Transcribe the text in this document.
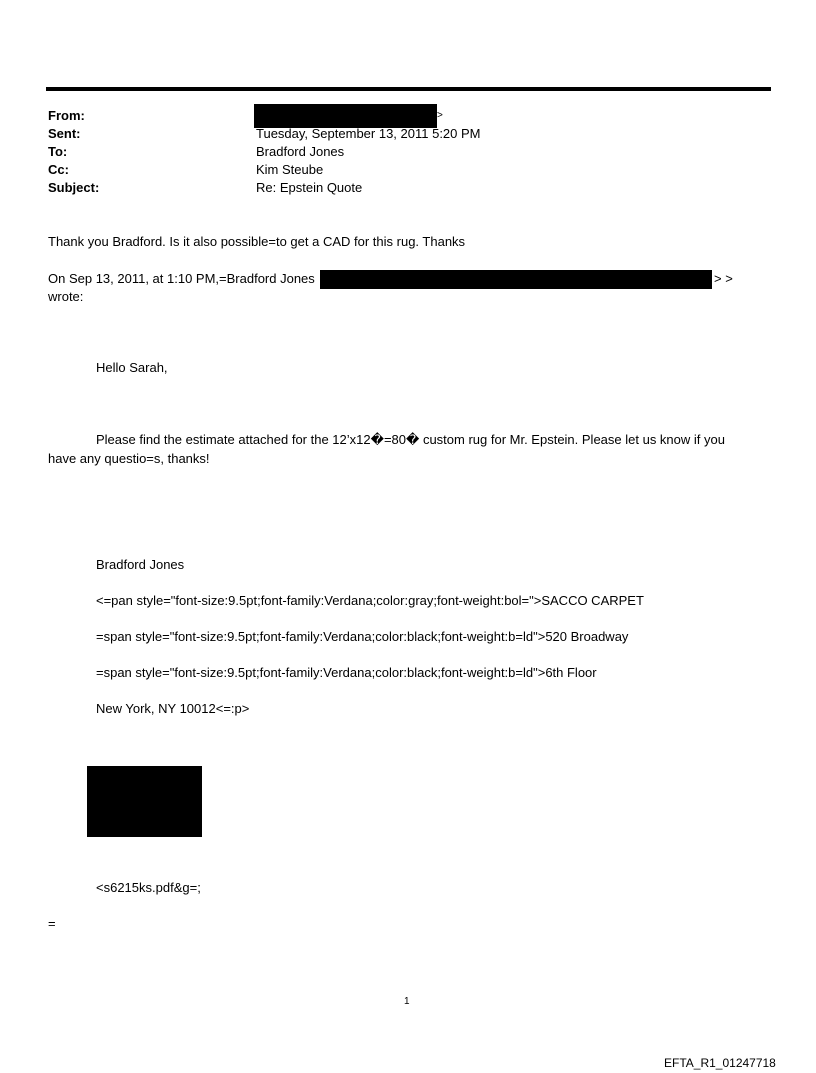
From:
Sent:
To:
Cc:
Subject:
>
Tuesday, September 13, 2011 5:20 PM
Bradford Jones
Kim Steube
Re: Epstein Quote
Thank you Bradford. Is it also possible=to get a CAD for this rug. Thanks
On Sep 13, 2011, at 1:10 PM,=Bradford Jones	> >
wrote:
Hello Sarah,
Please find the estimate attached for the 12’x12�=80� custom rug for Mr. Epstein. Please let us know if you
have any questio=s, thanks!
Bradford Jones
<=pan style="font-size:9.5pt;font-family:Verdana;color:gray;font-weight:bol=">SACCO CARPET
=span style="font-size:9.5pt;font-family:Verdana;color:black;font-weight:b=ld">520 Broadway
=span style="font-size:9.5pt;font-family:Verdana;color:black;font-weight:b=ld">6th Floor
New York, NY 10012<=:p>
<s6215ks.pdf&g=;
=
1
EFTA_R1_01247718
